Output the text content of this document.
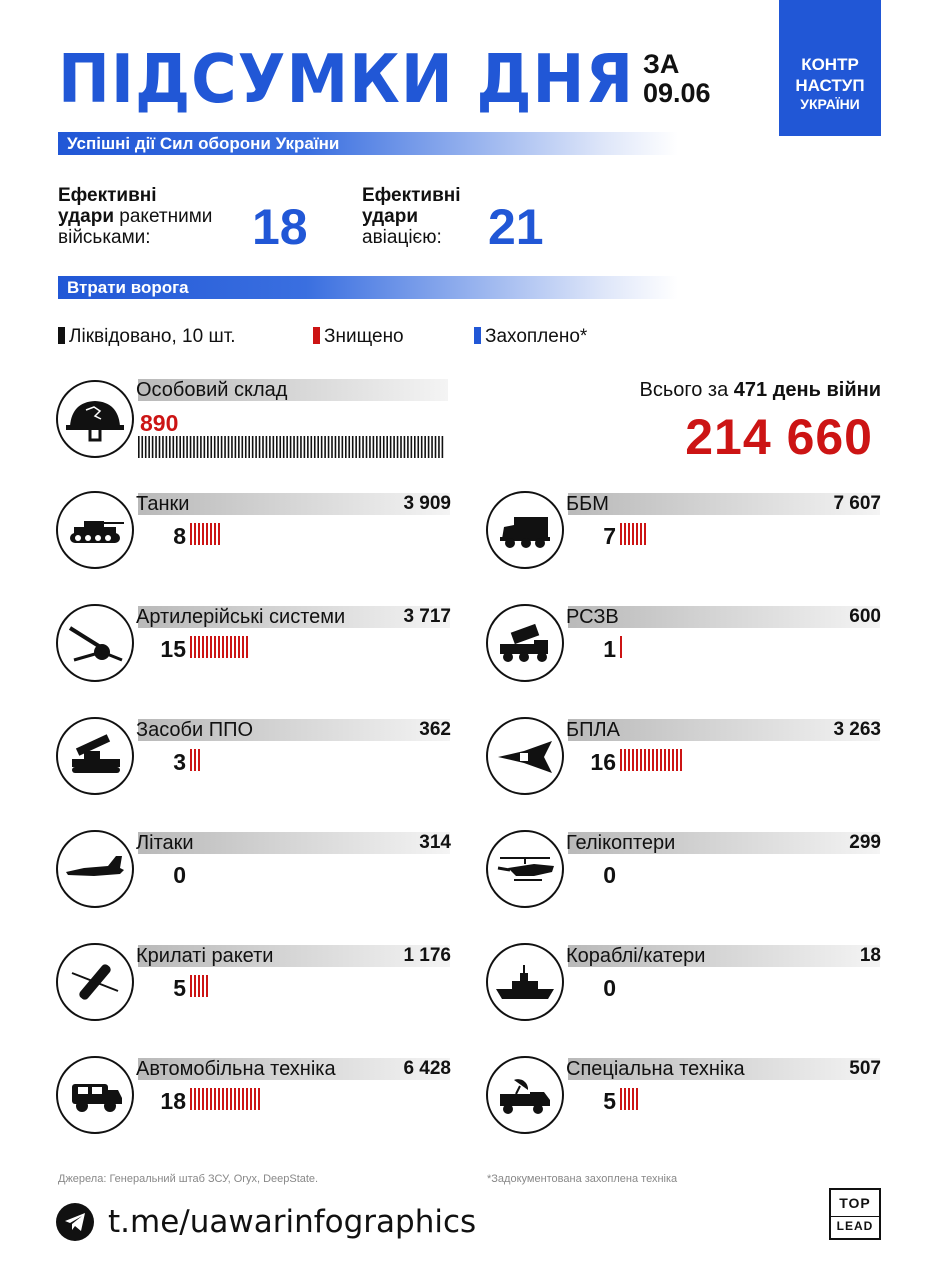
ПІДСУМКИ ДНЯ ЗА
09.06
КОНТР
НАСТУП
УКРАЇНИ
Успішні дії Сил оборони України
Ефективні
удари ракетними
військами:	18
Ефективні
удари
авіацією: 21
Втрати ворога
Ліквідовано, 10 шт.	Знищено	Захоплено*
Особовий склад
890
Всього за 471 день війни
214 660
Танки	3 909
8
ББМ	7 607
7
Артилерійські системи	3 717
15
РСЗВ	600
1
Засоби ППО	362
3
БПЛА	3 263
16
Літаки	314
0
Гелікоптери	299
0
Крилаті ракети	1 176
5
Кораблі/катери	18
0
Автомобільна техніка	6 428
18
Спеціальна техніка	507
5
Джерела: Генеральний штаб ЗСУ, Oryx, DeepState.	*Задокументована захоплена техніка
t.me/uawarinfographics
TOP
LEAD
